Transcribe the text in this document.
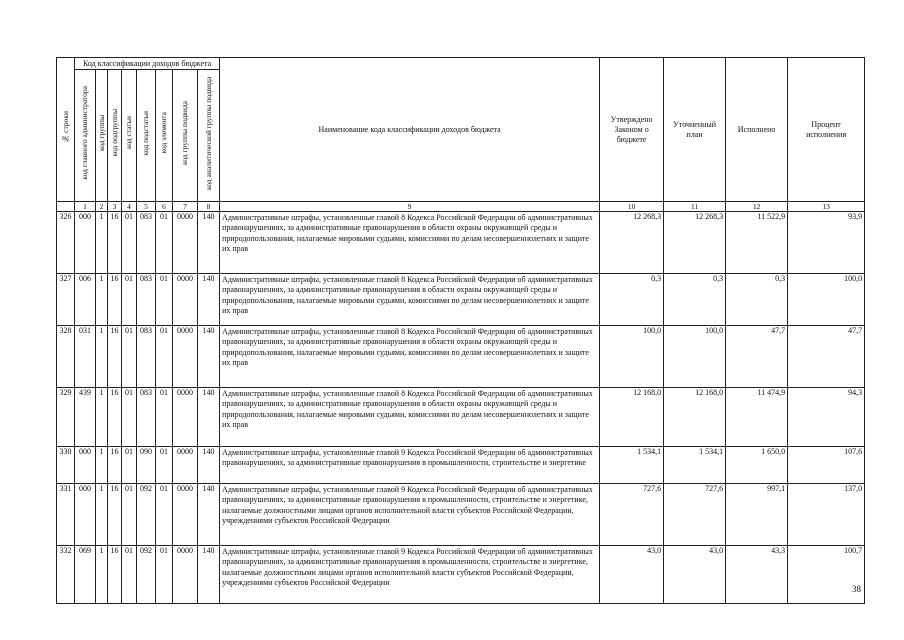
№ строки	Код классификации доходов бюджета								Наименование кода классификации доходов бюджета	Утверждено Законом о бюджете	Уточненный план	Исполнено	Процент исполнения
	код главного администратора	код группы	код подгруппы	код статьи	код подстатьи	код элемента	код группы подвида	код аналитической группы подвида					
	1	2	3	4	5	6	7	8	9	10	11	12	13
326	000	1	16	01	083	01	0000	140	Административные штрафы, установленные главой 8 Кодекса Российской Федерации об административных правонарушениях, за административные правонарушения в области охраны окружающей среды и природопользования, налагаемые мировыми судьями, комиссиями по делам несовершеннолетних и защите их прав	12 268,3	12 268,3	11 522,9	93,9
327	006	1	16	01	083	01	0000	140	Административные штрафы, установленные главой 8 Кодекса Российской Федерации об административных правонарушениях, за административные правонарушения в области охраны окружающей среды и природопользования, налагаемые мировыми судьями, комиссиями по делам несовершеннолетних и защите их прав	0,3	0,3	0,3	100,0
328	031	1	16	01	083	01	0000	140	Административные штрафы, установленные главой 8 Кодекса Российской Федерации об административных правонарушениях, за административные правонарушения в области охраны окружающей среды и природопользования, налагаемые мировыми судьями, комиссиями по делам несовершеннолетних и защите их прав	100,0	100,0	47,7	47,7
329	439	1	16	01	083	01	0000	140	Административные штрафы, установленные главой 8 Кодекса Российской Федерации об административных правонарушениях, за административные правонарушения в области охраны окружающей среды и природопользования, налагаемые мировыми судьями, комиссиями по делам несовершеннолетних и защите их прав	12 168,0	12 168,0	11 474,9	94,3
330	000	1	16	01	090	01	0000	140	Административные штрафы, установленные главой 9 Кодекса Российской Федерации об административных правонарушениях, за административные правонарушения в промышленности, строительстве и энергетике	1 534,1	1 534,1	1 650,0	107,6
331	000	1	16	01	092	01	0000	140	Административные штрафы, установленные главой 9 Кодекса Российской Федерации об административных правонарушениях, за административные правонарушения в промышленности, строительстве и энергетике, налагаемые должностными лицами органов исполнительной власти субъектов Российской Федерации, учреждениями субъектов Российской Федерации	727,6	727,6	997,1	137,0
332	069	1	16	01	092	01	0000	140	Административные штрафы, установленные главой 9 Кодекса Российской Федерации об административных правонарушениях, за административные правонарушения в промышленности, строительстве и энергетике, налагаемые должностными лицами органов исполнительной власти субъектов Российской Федерации, учреждениями субъектов Российской Федерации	43,0	43,0	43,3	100,7
38
